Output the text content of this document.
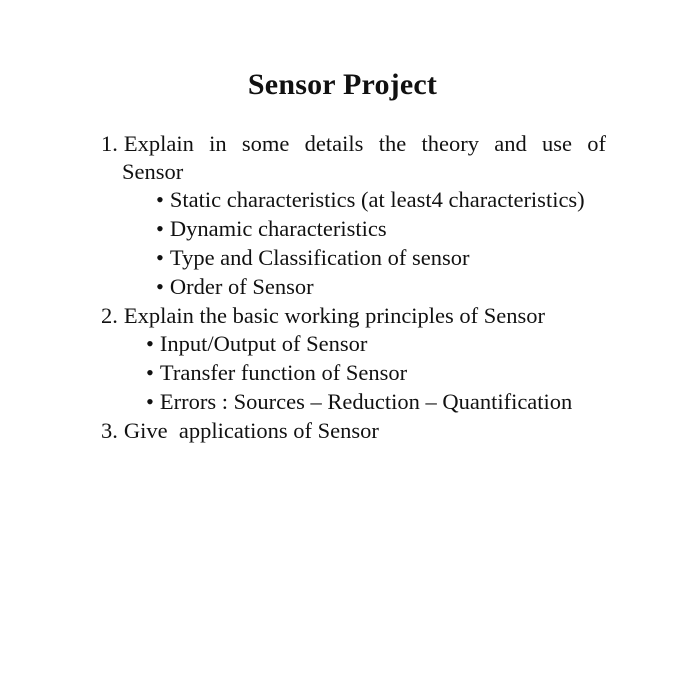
Sensor Project
1. Explain in some details the theory and use of
Sensor
• Static characteristics (at least4 characteristics)
• Dynamic characteristics
• Type and Classification of sensor
• Order of Sensor
2. Explain the basic working principles of Sensor
• Input/Output of Sensor
• Transfer function of Sensor
• Errors : Sources – Reduction – Quantification
3. Give  applications of Sensor
